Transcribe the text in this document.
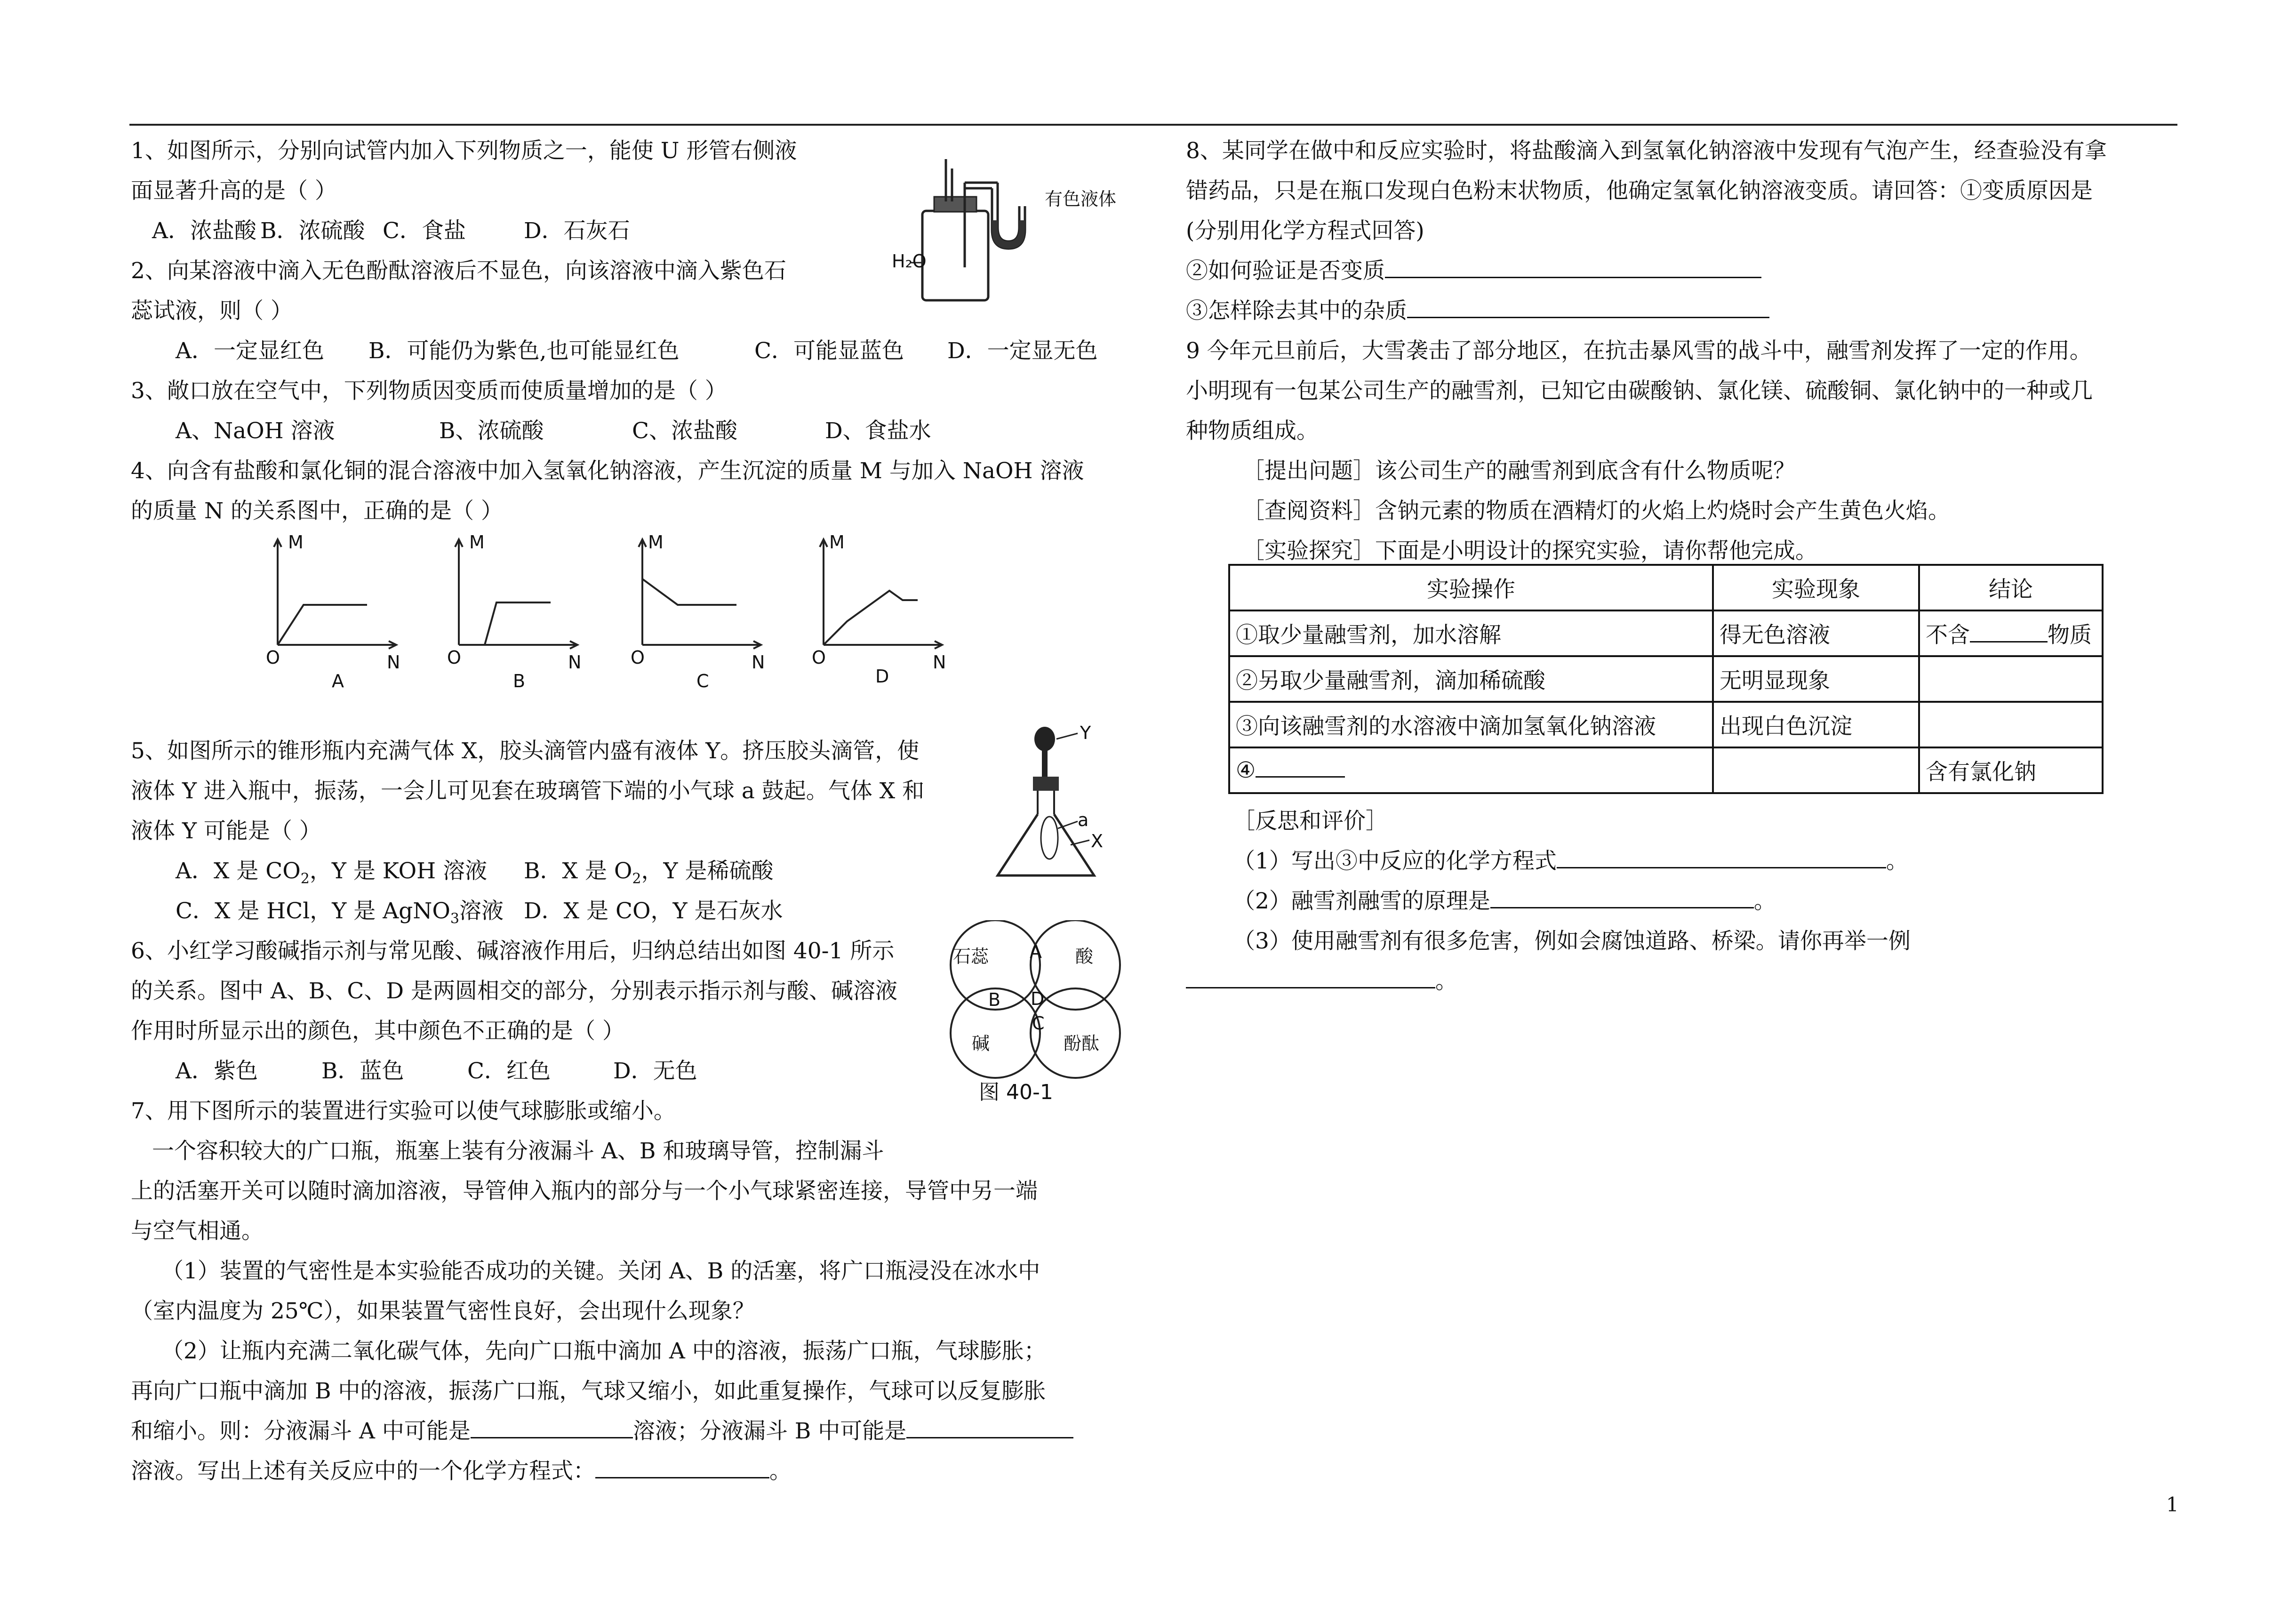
1、如图所示，分别向试管内加入下列物质之一，能使 U 形管右侧液
面显著升高的是（ ）
A．浓盐酸 B．浓硫酸 C．食盐	D．石灰石
2、向某溶液中滴入无色酚酞溶液后不显色，向该溶液中滴入紫色石
蕊试液，则（ ）
A．一定显红色 B．可能仍为紫色,也可能显红色	C．可能显蓝色 D．一定显无色
3、敞口放在空气中，下列物质因变质而使质量增加的是（ ）
A、NaOH 溶液	B、浓硫酸	C、浓盐酸	D、食盐水
4、向含有盐酸和氯化铜的混合溶液中加入氢氧化钠溶液，产生沉淀的质量 M 与加入 NaOH 溶液
的质量 N 的关系图中，正确的是（ ）
5、如图所示的锥形瓶内充满气体 X，胶头滴管内盛有液体 Y。挤压胶头滴管，使
液体 Y 进入瓶中，振荡，一会儿可见套在玻璃管下端的小气球 a 鼓起。气体 X 和
液体 Y 可能是（ ）
A．X 是 $CO_2$，Y 是 KOH 溶液 B．X 是 $O_2$，Y 是稀硫酸
C．X 是 HCl，Y 是 AgNO$_3$溶液 D．X 是 CO，Y 是石灰水
6、小红学习酸碱指示剂与常见酸、碱溶液作用后，归纳总结出如图 40-1 所示
的关系。图中 A、B、C、D 是两圆相交的部分，分别表示指示剂与酸、碱溶液
作用时所显示出的颜色，其中颜色不正确的是（ ）
A．紫色	B．蓝色	C．红色	D．无色
7、用下图所示的装置进行实验可以使气球膨胀或缩小。
一个容积较大的广口瓶，瓶塞上装有分液漏斗 A、B 和玻璃导管，控制漏斗
上的活塞开关可以随时滴加溶液，导管伸入瓶内的部分与一个小气球紧密连接，导管中另一端
与空气相通。
（1）装置的气密性是本实验能否成功的关键。关闭 A、B 的活塞，将广口瓶浸没在冰水中
（室内温度为 25℃），如果装置气密性良好，会出现什么现象？
（2）让瓶内充满二氧化碳气体，先向广口瓶中滴加 A 中的溶液，振荡广口瓶，气球膨胀；
再向广口瓶中滴加 B 中的溶液，振荡广口瓶，气球又缩小，如此重复操作，气球可以反复膨胀
和缩小。则：分液漏斗 A 中可能是	溶液；分液漏斗 B 中可能是
溶液。写出上述有关反应中的一个化学方程式：	。
H₂O
有色液体
M
O	N
A
M
O	N
B
M
O	N
C
M
O	N
D
Y
a
X
石蕊	酸
碱	酚酞
A
B
C
D
图 40-1
8、某同学在做中和反应实验时，将盐酸滴入到氢氧化钠溶液中发现有气泡产生，经查验没有拿
错药品，只是在瓶口发现白色粉末状物质，他确定氢氧化钠溶液变质。请回答：①变质原因是
(分别用化学方程式回答)
②如何验证是否变质
③怎样除去其中的杂质
9 今年元旦前后，大雪袭击了部分地区，在抗击暴风雪的战斗中，融雪剂发挥了一定的作用。
小明现有一包某公司生产的融雪剂，已知它由碳酸钠、氯化镁、硫酸铜、氯化钠中的一种或几
种物质组成。
［提出问题］该公司生产的融雪剂到底含有什么物质呢？
［查阅资料］含钠元素的物质在酒精灯的火焰上灼烧时会产生黄色火焰。
［实验探究］下面是小明设计的探究实验，请你帮他完成。
实验操作	实验现象	结论
①取少量融雪剂，加水溶解	得无色溶液	不含 物质
②另取少量融雪剂，滴加稀硫酸	无明显现象	
③向该融雪剂的水溶液中滴加氢氧化钠溶液	出现白色沉淀	
④		含有氯化钠
［反思和评价］
（1）写出③中反应的化学方程式	。
（2）融雪剂融雪的原理是	。
（3）使用融雪剂有很多危害，例如会腐蚀道路、桥梁。请你再举一例
。
1
